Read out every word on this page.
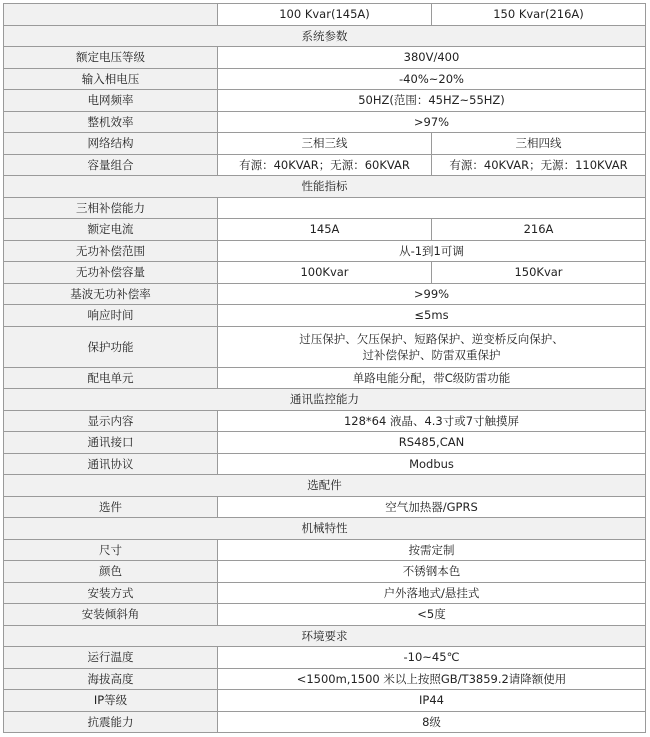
	100 Kvar(145A)	150 Kvar(216A)
系统参数		
额定电压等级	380V/400	
输入相电压	-40%~20%	
电网频率	50HZ(范围：45HZ~55HZ)	
整机效率	>97%	
网络结构	三相三线	三相四线
容量组合	有源：40KVAR；无源：60KVAR	有源：40KVAR；无源：110KVAR
性能指标		
三相补偿能力		
额定电流	145A	216A
无功补偿范围	从-1到1可调	
无功补偿容量	100Kvar	150Kvar
基波无功补偿率	>99%	
响应时间	≤5ms	
保护功能	过压保护、欠压保护、短路保护、逆变桥反向保护、
过补偿保护、防雷双重保护	

配电单元	单路电能分配，带C级防雷功能	
通讯监控能力		
显示内容	128*64 液晶、4.3寸或7寸触摸屏	
通讯接口	RS485,CAN	
通讯协议	Modbus	
选配件		
选件	空气加热器/GPRS	
机械特性		
尺寸	按需定制	
颜色	不锈钢本色	
安装方式	户外落地式/悬挂式	
安装倾斜角	<5度	
环境要求		
运行温度	-10~45℃	
海拔高度	<1500m,1500 米以上按照GB/T3859.2请降额使用	
IP等级	IP44	
抗震能力	8级	
